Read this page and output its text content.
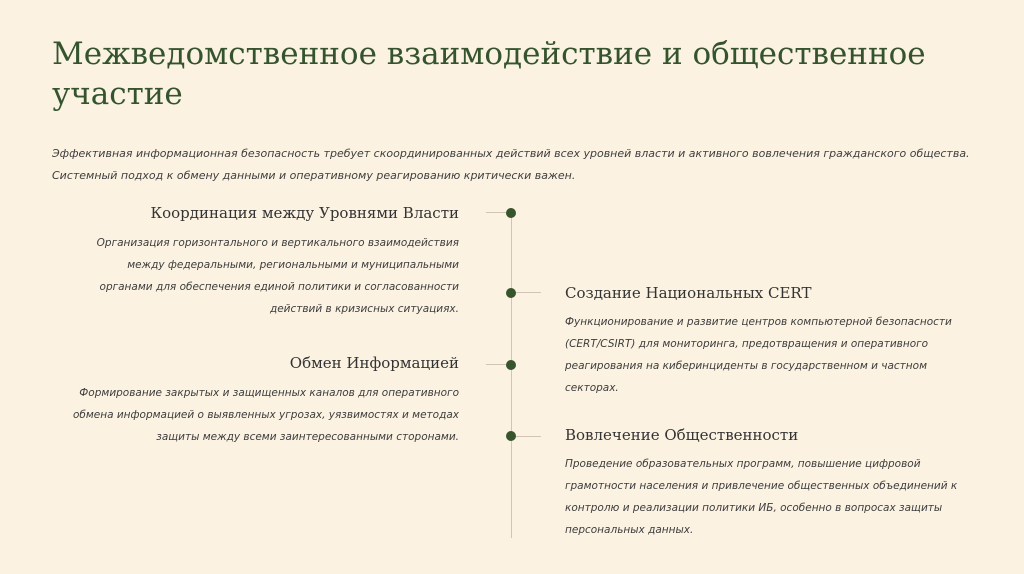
Межведомственное взаимодействие и общественное участие
Эффективная информационная безопасность требует скоординированных действий всех уровней власти и активного вовлечения гражданского общества. Системный подход к обмену данными и оперативному реагированию критически важен.
Координация между Уровнями Власти
Организация горизонтального и вертикального взаимодействия между федеральными, региональными и муниципальными органами для обеспечения единой политики и согласованности действий в кризисных ситуациях.
Создание Национальных CERT
Функционирование и развитие центров компьютерной безопасности (CERT/CSIRT) для мониторинга, предотвращения и оперативного реагирования на киберинциденты в государственном и частном секторах.
Обмен Информацией
Формирование закрытых и защищенных каналов для оперативного обмена информацией о выявленных угрозах, уязвимостях и методах защиты между всеми заинтересованными сторонами.	Вовлечение Общественности
Проведение образовательных программ, повышение цифровой грамотности населения и привлечение общественных объединений к контролю и реализации политики ИБ, особенно в вопросах защиты персональных данных.
